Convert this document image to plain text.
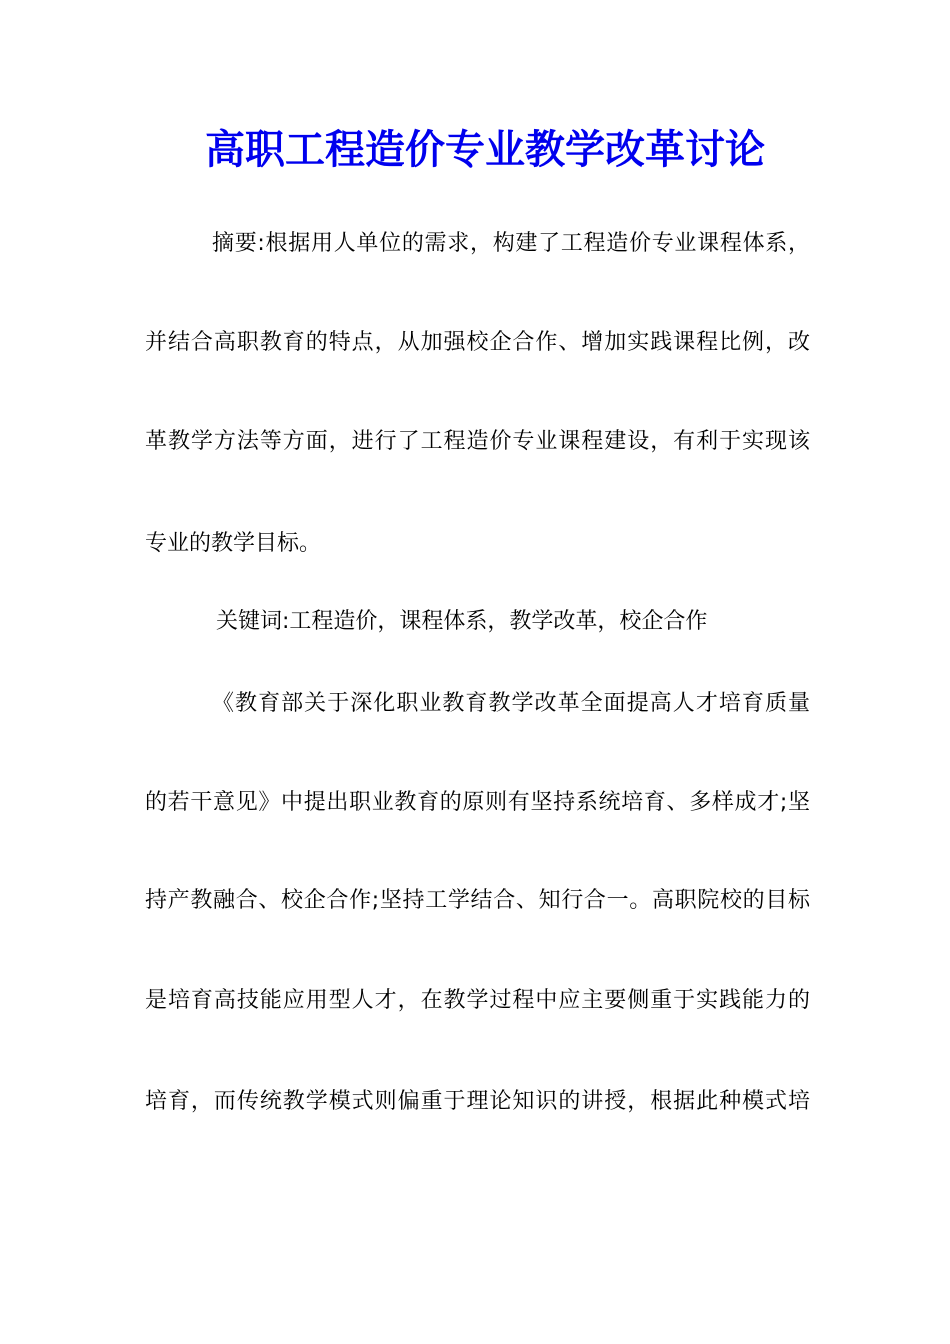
高职工程造价专业教学改革讨论
摘要:根据用人单位的需求，构建了工程造价专业课程体系，
并结合高职教育的特点，从加强校企合作、增加实践课程比例，改
革教学方法等方面，进行了工程造价专业课程建设，有利于实现该
专业的教学目标。
关键词:工程造价，课程体系，教学改革，校企合作
《教育部关于深化职业教育教学改革全面提高人才培育质量
的若干意见》中提出职业教育的原则有坚持系统培育、多样成才;坚
持产教融合、校企合作;坚持工学结合、知行合一。高职院校的目标
是培育高技能应用型人才，在教学过程中应主要侧重于实践能力的
培育，而传统教学模式则偏重于理论知识的讲授，根据此种模式培
